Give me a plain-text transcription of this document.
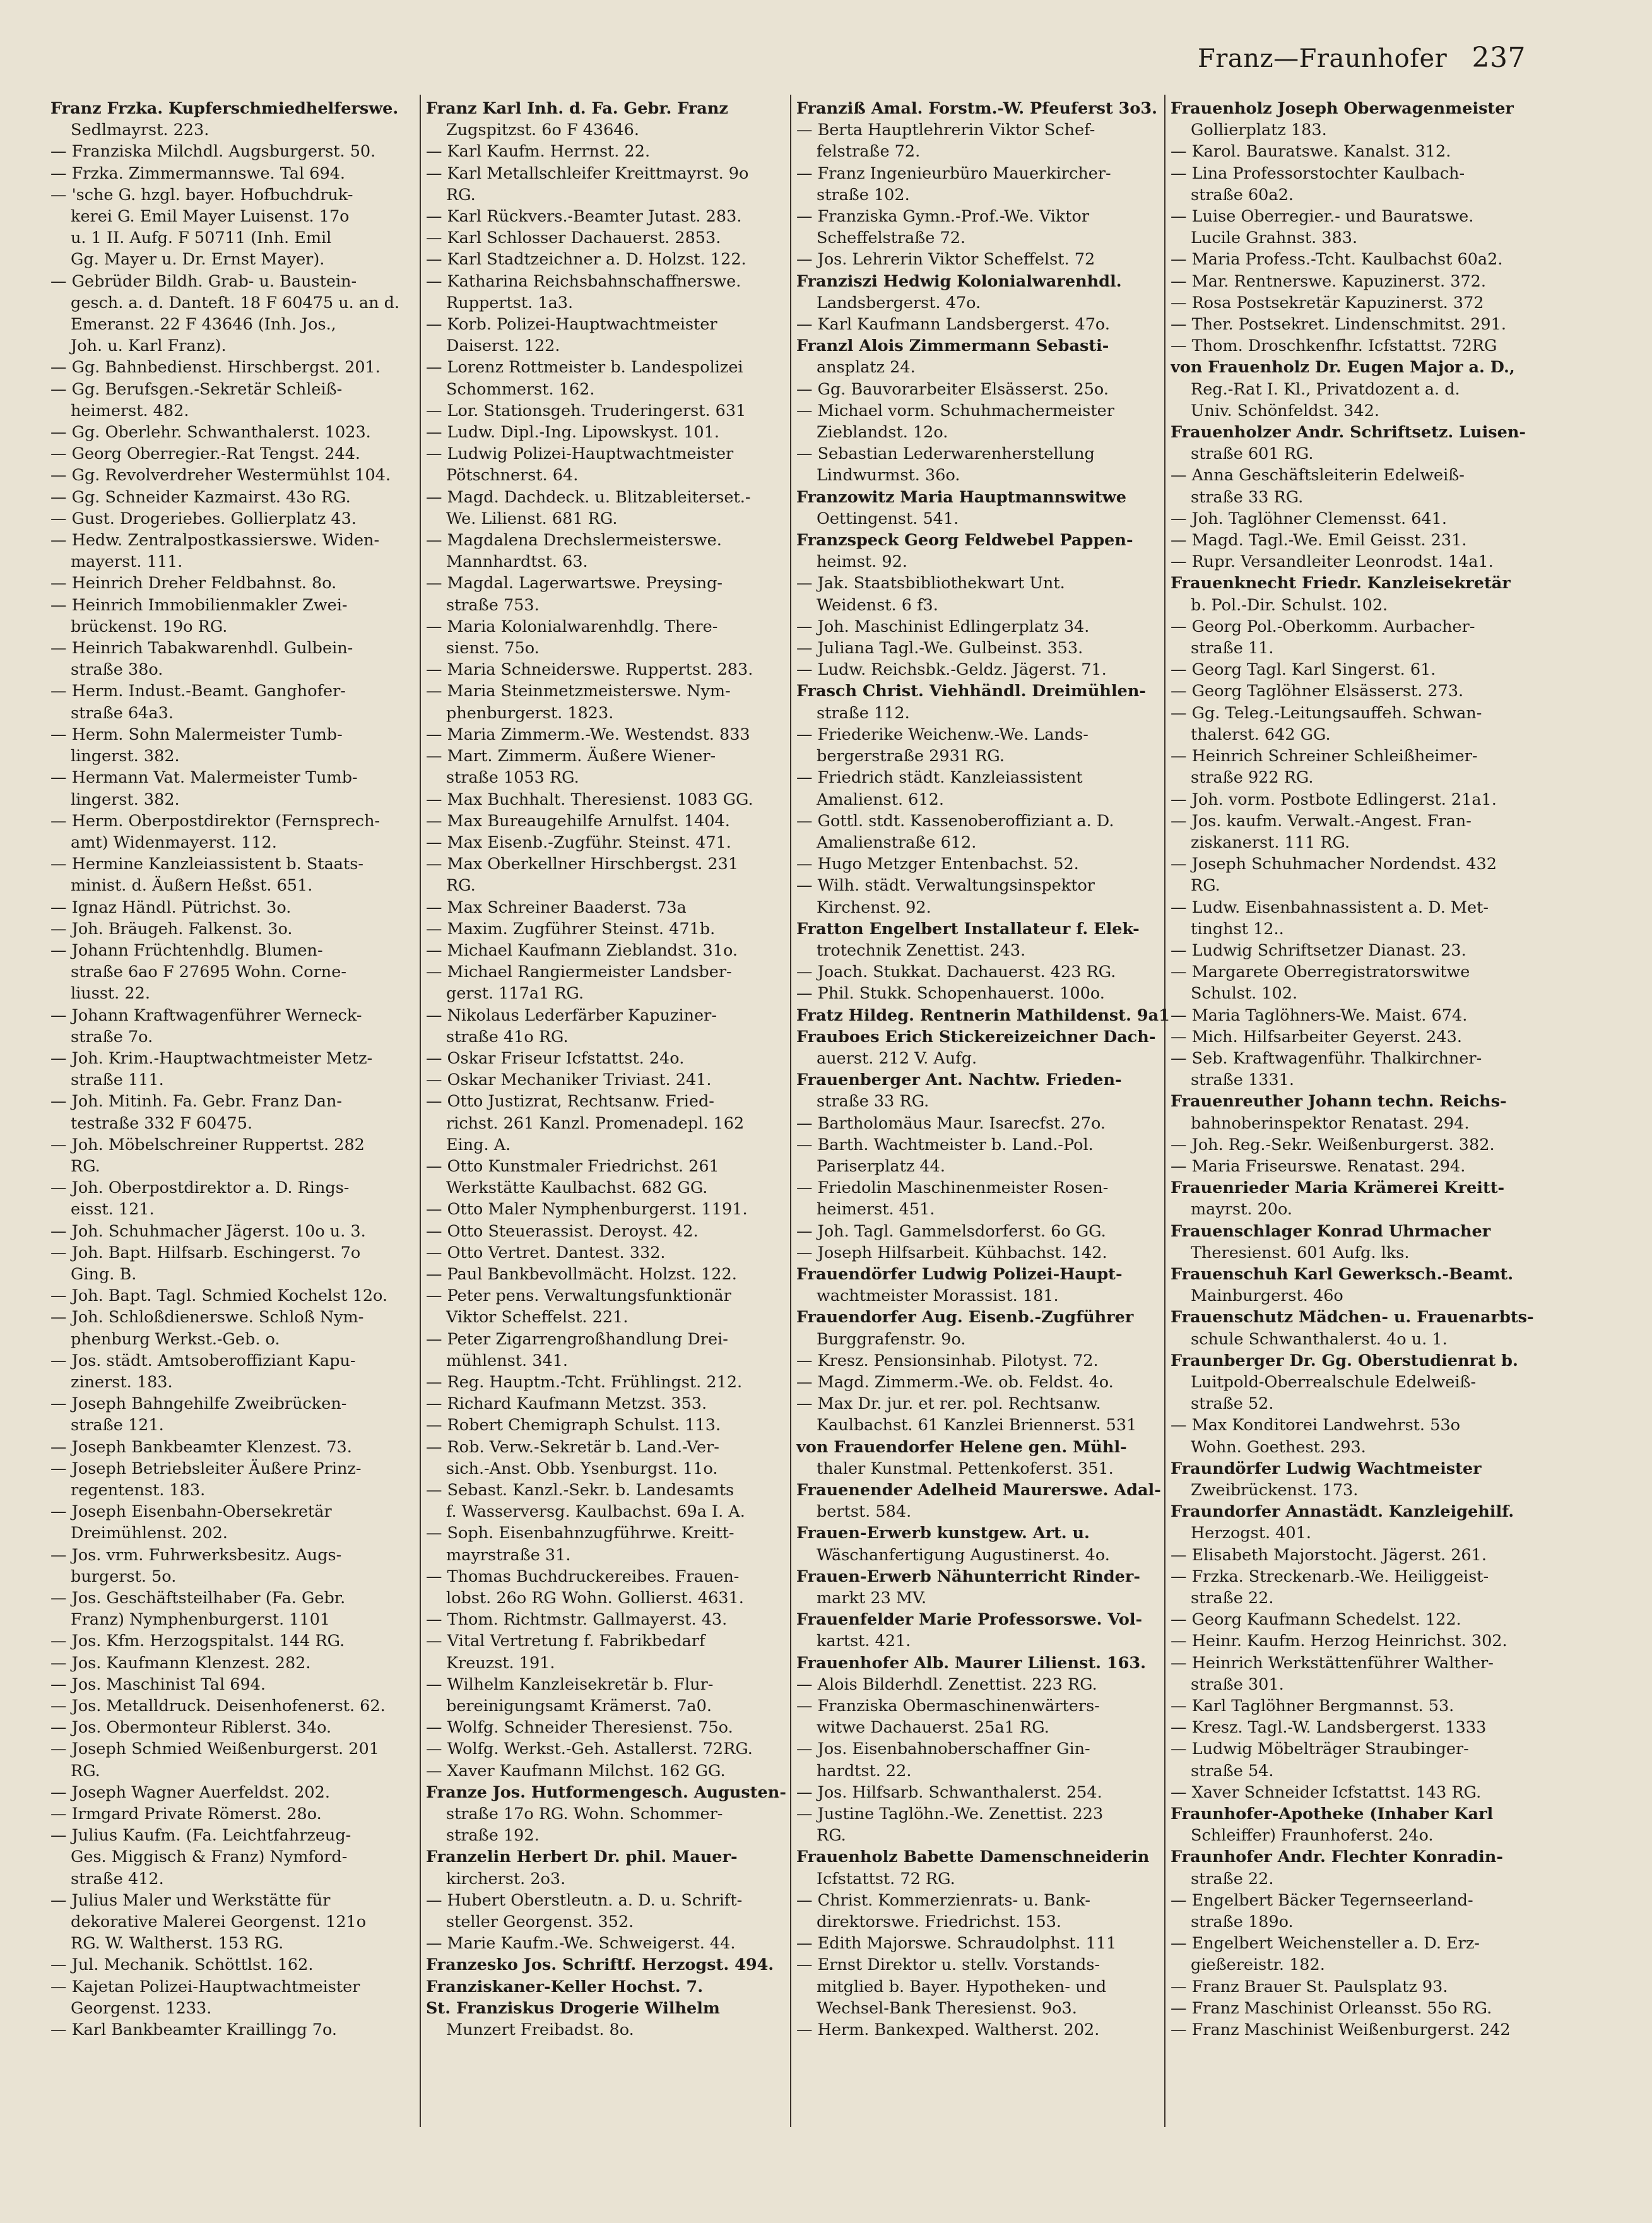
Franz—Fraunhofer 237
Franz Frzka. Kupferschmiedhelferswe.
Sedlmayrst. 223.
— Franziska Milchdl. Augsburgerst. 50.
— Frzka. Zimmermannswe. Tal 694.
— 'sche G. hzgl. bayer. Hofbuchdruk-
kerei G. Emil Mayer Luisenst. 17o
u. 1 II. Aufg. F 50711 (Inh. Emil
Gg. Mayer u. Dr. Ernst Mayer).
— Gebrüder Bildh. Grab- u. Baustein-
gesch. a. d. Danteft. 18 F 60475 u. an d.
Emeranst. 22 F 43646 (Inh. Jos.,
Joh. u. Karl Franz).
— Gg. Bahnbedienst. Hirschbergst. 201.
— Gg. Berufsgen.-Sekretär Schleiß-
heimerst. 482.
— Gg. Oberlehr. Schwanthalerst. 1023.
— Georg Oberregier.-Rat Tengst. 244.
— Gg. Revolverdreher Westermühlst 104.
— Gg. Schneider Kazmairst. 43o RG.
— Gust. Drogeriebes. Gollierplatz 43.
— Hedw. Zentralpostkassierswe. Widen-
mayerst. 111.
— Heinrich Dreher Feldbahnst. 8o.
— Heinrich Immobilienmakler Zwei-
brückenst. 19o RG.
— Heinrich Tabakwarenhdl. Gulbein-
straße 38o.
— Herm. Indust.-Beamt. Ganghofer-
straße 64a3.
— Herm. Sohn Malermeister Tumb-
lingerst. 382.
— Hermann Vat. Malermeister Tumb-
lingerst. 382.
— Herm. Oberpostdirektor (Fernsprech-
amt) Widenmayerst. 112.
— Hermine Kanzleiassistent b. Staats-
minist. d. Äußern Heßst. 651.
— Ignaz Händl. Pütrichst. 3o.
— Joh. Bräugeh. Falkenst. 3o.
— Johann Früchtenhdlg. Blumen-
straße 6ao F 27695 Wohn. Corne-
liusst. 22.
— Johann Kraftwagenführer Werneck-
straße 7o.
— Joh. Krim.-Hauptwachtmeister Metz-
straße 111.
— Joh. Mitinh. Fa. Gebr. Franz Dan-
testraße 332 F 60475.
— Joh. Möbelschreiner Ruppertst. 282
RG.
— Joh. Oberpostdirektor a. D. Rings-
eisst. 121.
— Joh. Schuhmacher Jägerst. 10o u. 3.
— Joh. Bapt. Hilfsarb. Eschingerst. 7o
Ging. B.
— Joh. Bapt. Tagl. Schmied Kochelst 12o.
— Joh. Schloßdienerswe. Schloß Nym-
phenburg Werkst.-Geb. o.
— Jos. städt. Amtsoberoffiziant Kapu-
zinerst. 183.
— Joseph Bahngehilfe Zweibrücken-
straße 121.
— Joseph Bankbeamter Klenzest. 73.
— Joseph Betriebsleiter Äußere Prinz-
regentenst. 183.
— Joseph Eisenbahn-Obersekretär
Dreimühlenst. 202.
— Jos. vrm. Fuhrwerksbesitz. Augs-
burgerst. 5o.
— Jos. Geschäftsteilhaber (Fa. Gebr.
Franz) Nymphenburgerst. 1101
— Jos. Kfm. Herzogspitalst. 144 RG.
— Jos. Kaufmann Klenzest. 282.
— Jos. Maschinist Tal 694.
— Jos. Metalldruck. Deisenhofenerst. 62.
— Jos. Obermonteur Riblerst. 34o.
— Joseph Schmied Weißenburgerst. 201
RG.
— Joseph Wagner Auerfeldst. 202.
— Irmgard Private Römerst. 28o.
— Julius Kaufm. (Fa. Leichtfahrzeug-
Ges. Miggisch & Franz) Nymford-
straße 412.
— Julius Maler und Werkstätte für
dekorative Malerei Georgenst. 121o
RG. W. Waltherst. 153 RG.
— Jul. Mechanik. Schöttlst. 162.
— Kajetan Polizei-Hauptwachtmeister
Georgenst. 1233.
— Karl Bankbeamter Kraillingg 7o.
Franz Karl Inh. d. Fa. Gebr. Franz
Zugspitzst. 6o F 43646.
— Karl Kaufm. Herrnst. 22.
— Karl Metallschleifer Kreittmayrst. 9o
RG.
— Karl Rückvers.-Beamter Jutast. 283.
— Karl Schlosser Dachauerst. 2853.
— Karl Stadtzeichner a. D. Holzst. 122.
— Katharina Reichsbahnschaffnerswe.
Ruppertst. 1a3.
— Korb. Polizei-Hauptwachtmeister
Daiserst. 122.
— Lorenz Rottmeister b. Landespolizei
Schommerst. 162.
— Lor. Stationsgeh. Truderingerst. 631
— Ludw. Dipl.-Ing. Lipowskyst. 101.
— Ludwig Polizei-Hauptwachtmeister
Pötschnerst. 64.
— Magd. Dachdeck. u. Blitzableiterset.-
We. Lilienst. 681 RG.
— Magdalena Drechslermeisterswe.
Mannhardtst. 63.
— Magdal. Lagerwartswe. Preysing-
straße 753.
— Maria Kolonialwarenhdlg. There-
sienst. 75o.
— Maria Schneiderswe. Ruppertst. 283.
— Maria Steinmetzmeisterswe. Nym-
phenburgerst. 1823.
— Maria Zimmerm.-We. Westendst. 833
— Mart. Zimmerm. Äußere Wiener-
straße 1053 RG.
— Max Buchhalt. Theresienst. 1083 GG.
— Max Bureaugehilfe Arnulfst. 1404.
— Max Eisenb.-Zugführ. Steinst. 471.
— Max Oberkellner Hirschbergst. 231
RG.
— Max Schreiner Baaderst. 73a
— Maxim. Zugführer Steinst. 471b.
— Michael Kaufmann Zieblandst. 31o.
— Michael Rangiermeister Landsber-
gerst. 117a1 RG.
— Nikolaus Lederfärber Kapuziner-
straße 41o RG.
— Oskar Friseur Icfstattst. 24o.
— Oskar Mechaniker Triviast. 241.
— Otto Justizrat, Rechtsanw. Fried-
richst. 261 Kanzl. Promenadepl. 162
Eing. A.
— Otto Kunstmaler Friedrichst. 261
Werkstätte Kaulbachst. 682 GG.
— Otto Maler Nymphenburgerst. 1191.
— Otto Steuerassist. Deroyst. 42.
— Otto Vertret. Dantest. 332.
— Paul Bankbevollmächt. Holzst. 122.
— Peter pens. Verwaltungsfunktionär
Viktor Scheffelst. 221.
— Peter Zigarrengroßhandlung Drei-
mühlenst. 341.
— Reg. Hauptm.-Tcht. Frühlingst. 212.
— Richard Kaufmann Metzst. 353.
— Robert Chemigraph Schulst. 113.
— Rob. Verw.-Sekretär b. Land.-Ver-
sich.-Anst. Obb. Ysenburgst. 11o.
— Sebast. Kanzl.-Sekr. b. Landesamts
f. Wasserversg. Kaulbachst. 69a I. A.
— Soph. Eisenbahnzugführwe. Kreitt-
mayrstraße 31.
— Thomas Buchdruckereibes. Frauen-
lobst. 26o RG Wohn. Gollierst. 4631.
— Thom. Richtmstr. Gallmayerst. 43.
— Vital Vertretung f. Fabrikbedarf
Kreuzst. 191.
— Wilhelm Kanzleisekretär b. Flur-
bereinigungsamt Krämerst. 7a0.
— Wolfg. Schneider Theresienst. 75o.
— Wolfg. Werkst.-Geh. Astallerst. 72RG.
— Xaver Kaufmann Milchst. 162 GG.
Franze Jos. Hutformengesch. Augusten-
straße 17o RG. Wohn. Schommer-
straße 192.
Franzelin Herbert Dr. phil. Mauer-
kircherst. 2o3.
— Hubert Oberstleutn. a. D. u. Schrift-
steller Georgenst. 352.
— Marie Kaufm.-We. Schweigerst. 44.
Franzesko Jos. Schriftf. Herzogst. 494.
Franziskaner-Keller Hochst. 7.
St. Franziskus Drogerie Wilhelm
Munzert Freibadst. 8o.
Franziß Amal. Forstm.-W. Pfeuferst 3o3.
— Berta Hauptlehrerin Viktor Schef-
felstraße 72.
— Franz Ingenieurbüro Mauerkircher-
straße 102.
— Franziska Gymn.-Prof.-We. Viktor
Scheffelstraße 72.
— Jos. Lehrerin Viktor Scheffelst. 72
Franziszi Hedwig Kolonialwarenhdl.
Landsbergerst. 47o.
— Karl Kaufmann Landsbergerst. 47o.
Franzl Alois Zimmermann Sebasti-
ansplatz 24.
— Gg. Bauvorarbeiter Elsässerst. 25o.
— Michael vorm. Schuhmachermeister
Zieblandst. 12o.
— Sebastian Lederwarenherstellung
Lindwurmst. 36o.
Franzowitz Maria Hauptmannswitwe
Oettingenst. 541.
Franzspeck Georg Feldwebel Pappen-
heimst. 92.
— Jak. Staatsbibliothekwart Unt.
Weidenst. 6 f3.
— Joh. Maschinist Edlingerplatz 34.
— Juliana Tagl.-We. Gulbeinst. 353.
— Ludw. Reichsbk.-Geldz. Jägerst. 71.
Frasch Christ. Viehhändl. Dreimühlen-
straße 112.
— Friederike Weichenw.-We. Lands-
bergerstraße 2931 RG.
— Friedrich städt. Kanzleiassistent
Amalienst. 612.
— Gottl. stdt. Kassenoberoffiziant a. D.
Amalienstraße 612.
— Hugo Metzger Entenbachst. 52.
— Wilh. städt. Verwaltungsinspektor
Kirchenst. 92.
Fratton Engelbert Installateur f. Elek-
trotechnik Zenettist. 243.
— Joach. Stukkat. Dachauerst. 423 RG.
— Phil. Stukk. Schopenhauerst. 100o.
Fratz Hildeg. Rentnerin Mathildenst. 9a1
Frauboes Erich Stickereizeichner Dach-
auerst. 212 V. Aufg.
Frauenberger Ant. Nachtw. Frieden-
straße 33 RG.
— Bartholomäus Maur. Isarecfst. 27o.
— Barth. Wachtmeister b. Land.-Pol.
Pariserplatz 44.
— Friedolin Maschinenmeister Rosen-
heimerst. 451.
— Joh. Tagl. Gammelsdorferst. 6o GG.
— Joseph Hilfsarbeit. Kühbachst. 142.
Frauendörfer Ludwig Polizei-Haupt-
wachtmeister Morassist. 181.
Frauendorfer Aug. Eisenb.-Zugführer
Burggrafenstr. 9o.
— Kresz. Pensionsinhab. Pilotyst. 72.
— Magd. Zimmerm.-We. ob. Feldst. 4o.
— Max Dr. jur. et rer. pol. Rechtsanw.
Kaulbachst. 61 Kanzlei Briennerst. 531
von Frauendorfer Helene gen. Mühl-
thaler Kunstmal. Pettenkoferst. 351.
Frauenender Adelheid Maurerswe. Adal-
bertst. 584.
Frauen-Erwerb kunstgew. Art. u.
Wäschanfertigung Augustinerst. 4o.
Frauen-Erwerb Nähunterricht Rinder-
markt 23 MV.
Frauenfelder Marie Professorswe. Vol-
kartst. 421.
Frauenhofer Alb. Maurer Lilienst. 163.
— Alois Bilderhdl. Zenettist. 223 RG.
— Franziska Obermaschinenwärters-
witwe Dachauerst. 25a1 RG.
— Jos. Eisenbahnoberschaffner Gin-
hardtst. 22.
— Jos. Hilfsarb. Schwanthalerst. 254.
— Justine Taglöhn.-We. Zenettist. 223
RG.
Frauenholz Babette Damenschneiderin
Icfstattst. 72 RG.
— Christ. Kommerzienrats- u. Bank-
direktorswe. Friedrichst. 153.
— Edith Majorswe. Schraudolphst. 111
— Ernst Direktor u. stellv. Vorstands-
mitglied b. Bayer. Hypotheken- und
Wechsel-Bank Theresienst. 9o3.
— Herm. Bankexped. Waltherst. 202.
Frauenholz Joseph Oberwagenmeister
Gollierplatz 183.
— Karol. Bauratswe. Kanalst. 312.
— Lina Professorstochter Kaulbach-
straße 60a2.
— Luise Oberregier.- und Bauratswe.
Lucile Grahnst. 383.
— Maria Profess.-Tcht. Kaulbachst 60a2.
— Mar. Rentnerswe. Kapuzinerst. 372.
— Rosa Postsekretär Kapuzinerst. 372
— Ther. Postsekret. Lindenschmitst. 291.
— Thom. Droschkenfhr. Icfstattst. 72RG
von Frauenholz Dr. Eugen Major a. D.,
Reg.-Rat I. Kl., Privatdozent a. d.
Univ. Schönfeldst. 342.
Frauenholzer Andr. Schriftsetz. Luisen-
straße 601 RG.
— Anna Geschäftsleiterin Edelweiß-
straße 33 RG.
— Joh. Taglöhner Clemensst. 641.
— Magd. Tagl.-We. Emil Geisst. 231.
— Rupr. Versandleiter Leonrodst. 14a1.
Frauenknecht Friedr. Kanzleisekretär
b. Pol.-Dir. Schulst. 102.
— Georg Pol.-Oberkomm. Aurbacher-
straße 11.
— Georg Tagl. Karl Singerst. 61.
— Georg Taglöhner Elsässerst. 273.
— Gg. Teleg.-Leitungsauffeh. Schwan-
thalerst. 642 GG.
— Heinrich Schreiner Schleißheimer-
straße 922 RG.
— Joh. vorm. Postbote Edlingerst. 21a1.
— Jos. kaufm. Verwalt.-Angest. Fran-
ziskanerst. 111 RG.
— Joseph Schuhmacher Nordendst. 432
RG.
— Ludw. Eisenbahnassistent a. D. Met-
tinghst 12..
— Ludwig Schriftsetzer Dianast. 23.
— Margarete Oberregistratorswitwe
Schulst. 102.
— Maria Taglöhners-We. Maist. 674.
— Mich. Hilfsarbeiter Geyerst. 243.
— Seb. Kraftwagenführ. Thalkirchner-
straße 1331.
Frauenreuther Johann techn. Reichs-
bahnoberinspektor Renatast. 294.
— Joh. Reg.-Sekr. Weißenburgerst. 382.
— Maria Friseurswe. Renatast. 294.
Frauenrieder Maria Krämerei Kreitt-
mayrst. 20o.
Frauenschlager Konrad Uhrmacher
Theresienst. 601 Aufg. lks.
Frauenschuh Karl Gewerksch.-Beamt.
Mainburgerst. 46o
Frauenschutz Mädchen- u. Frauenarbts-
schule Schwanthalerst. 4o u. 1.
Fraunberger Dr. Gg. Oberstudienrat b.
Luitpold-Oberrealschule Edelweiß-
straße 52.
— Max Konditorei Landwehrst. 53o
Wohn. Goethest. 293.
Fraundörfer Ludwig Wachtmeister
Zweibrückenst. 173.
Fraundorfer Annastädt. Kanzleigehilf.
Herzogst. 401.
— Elisabeth Majorstocht. Jägerst. 261.
— Frzka. Streckenarb.-We. Heiliggeist-
straße 22.
— Georg Kaufmann Schedelst. 122.
— Heinr. Kaufm. Herzog Heinrichst. 302.
— Heinrich Werkstättenführer Walther-
straße 301.
— Karl Taglöhner Bergmannst. 53.
— Kresz. Tagl.-W. Landsbergerst. 1333
— Ludwig Möbelträger Straubinger-
straße 54.
— Xaver Schneider Icfstattst. 143 RG.
Fraunhofer-Apotheke (Inhaber Karl
Schleiffer) Fraunhoferst. 24o.
Fraunhofer Andr. Flechter Konradin-
straße 22.
— Engelbert Bäcker Tegernseerland-
straße 189o.
— Engelbert Weichensteller a. D. Erz-
gießereistr. 182.
— Franz Brauer St. Paulsplatz 93.
— Franz Maschinist Orleansst. 55o RG.
— Franz Maschinist Weißenburgerst. 242
